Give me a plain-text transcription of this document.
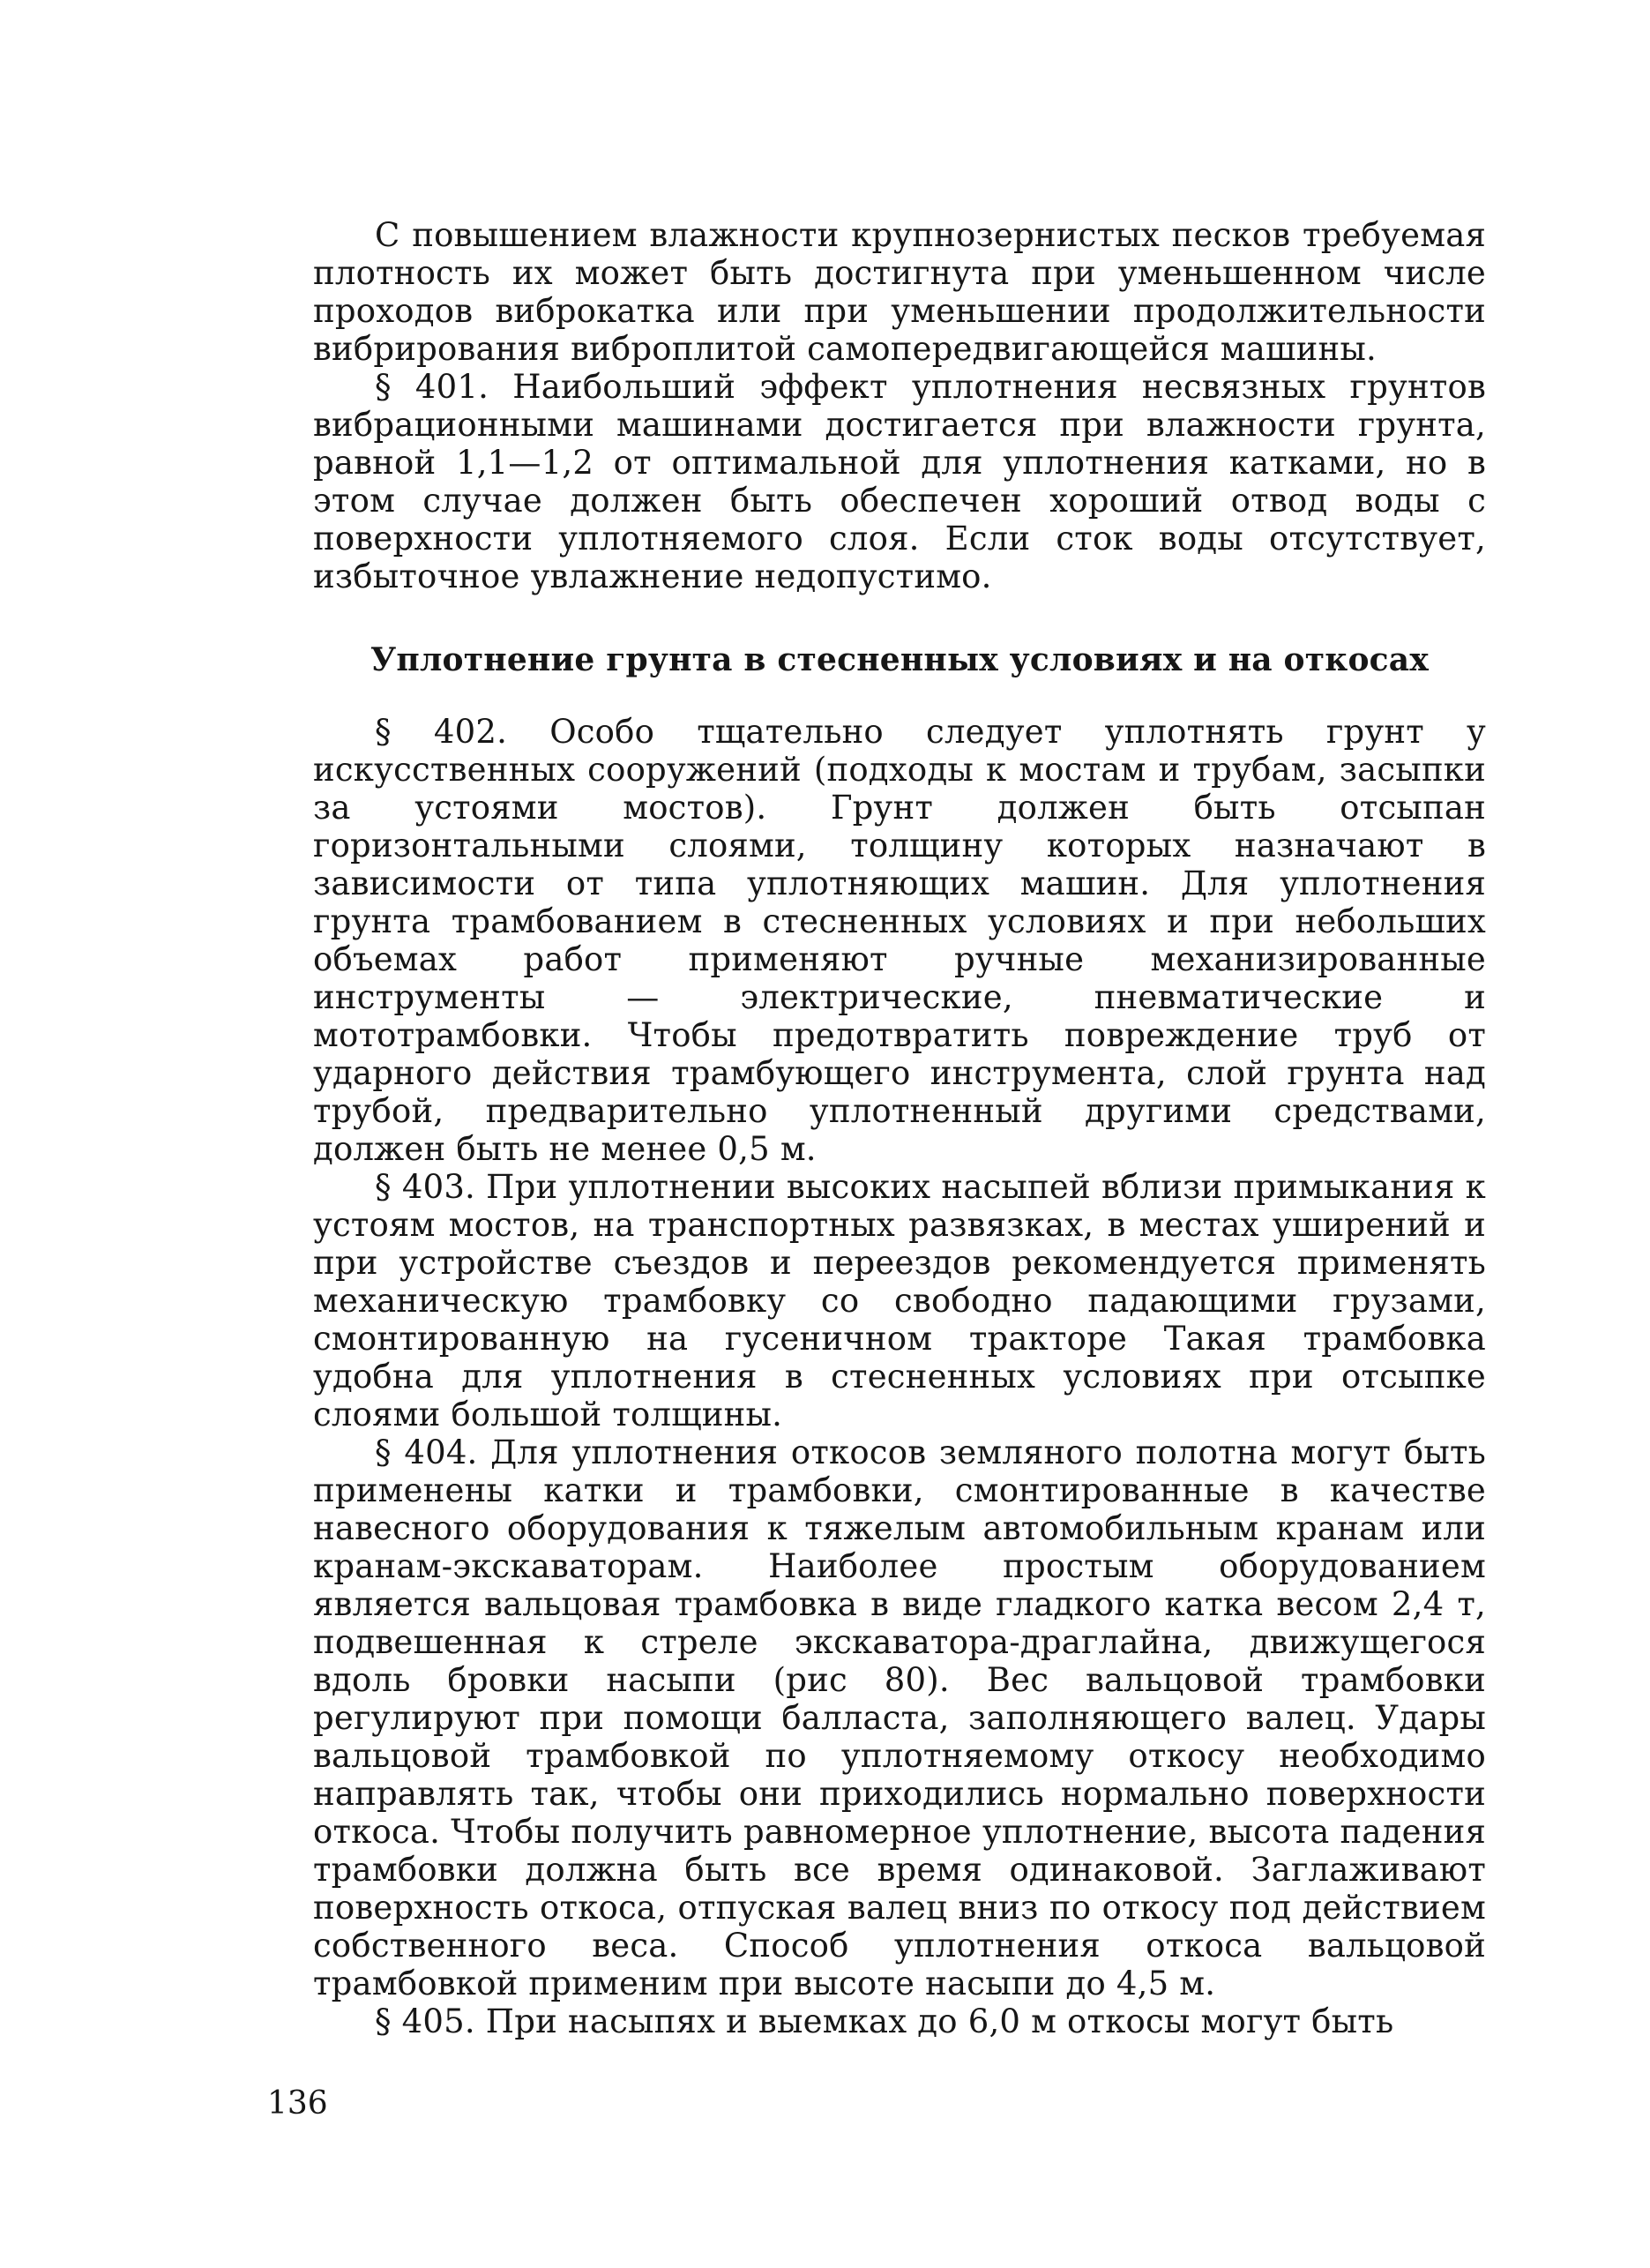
С повышением влажности крупнозернистых песков требуемая плотность их может быть достигнута при уменьшенном числе проходов виброкатка или при уменьшении продолжительности вибрирования виброплитой самопередвигающейся машины.

§ 401. Наибольший эффект уплотнения несвязных грунтов вибрационными машинами достигается при влажности грунта, равной 1,1—1,2 от оптимальной для уплотнения катками, но в этом случае должен быть обеспечен хороший отвод воды с поверхности уплотняемого слоя. Если сток воды отсутствует, избыточное увлажнение недопустимо.

Уплотнение грунта в стесненных условиях и на откосах

§ 402. Особо тщательно следует уплотнять грунт у искусственных сооружений (подходы к мостам и трубам, засыпки за устоями мостов). Грунт должен быть отсыпан горизонтальными слоями, толщину которых назначают в зависимости от типа уплотняющих машин. Для уплотнения грунта трамбованием в стесненных условиях и при небольших объемах работ применяют ручные механизированные инструменты — электрические, пневматические и мототрамбовки. Чтобы предотвратить повреждение труб от ударного действия трамбующего инструмента, слой грунта над трубой, предварительно уплотненный другими средствами, должен быть не менее 0,5 м.

§ 403. При уплотнении высоких насыпей вблизи примыкания к устоям мостов, на транспортных развязках, в местах уширений и при устройстве съездов и переездов рекомендуется применять механическую трамбовку со свободно падающими грузами, смонтированную на гусеничном тракторе Такая трамбовка удобна для уплотнения в стесненных условиях при отсыпке слоями большой толщины.

§ 404. Для уплотнения откосов земляного полотна могут быть применены катки и трамбовки, смонтированные в качестве навесного оборудования к тяжелым автомобильным кранам или кранам-экскаваторам. Наиболее простым оборудованием является вальцовая трамбовка в виде гладкого катка весом 2,4 т, подвешенная к стреле экскаватора-драглайна, движущегося вдоль бровки насыпи (рис 80). Вес вальцовой трамбовки регулируют при помощи балласта, заполняющего валец. Удары вальцовой трамбовкой по уплотняемому откосу необходимо направлять так, чтобы они приходились нормально поверхности откоса. Чтобы получить равномерное уплотнение, высота падения трамбовки должна быть все время одинаковой. Заглаживают поверхность откоса, отпуская валец вниз по откосу под действием собственного веса. Способ уплотнения откоса вальцовой трамбовкой применим при высоте насыпи до 4,5 м.

§ 405. При насыпях и выемках до 6,0 м откосы могут быть

136
